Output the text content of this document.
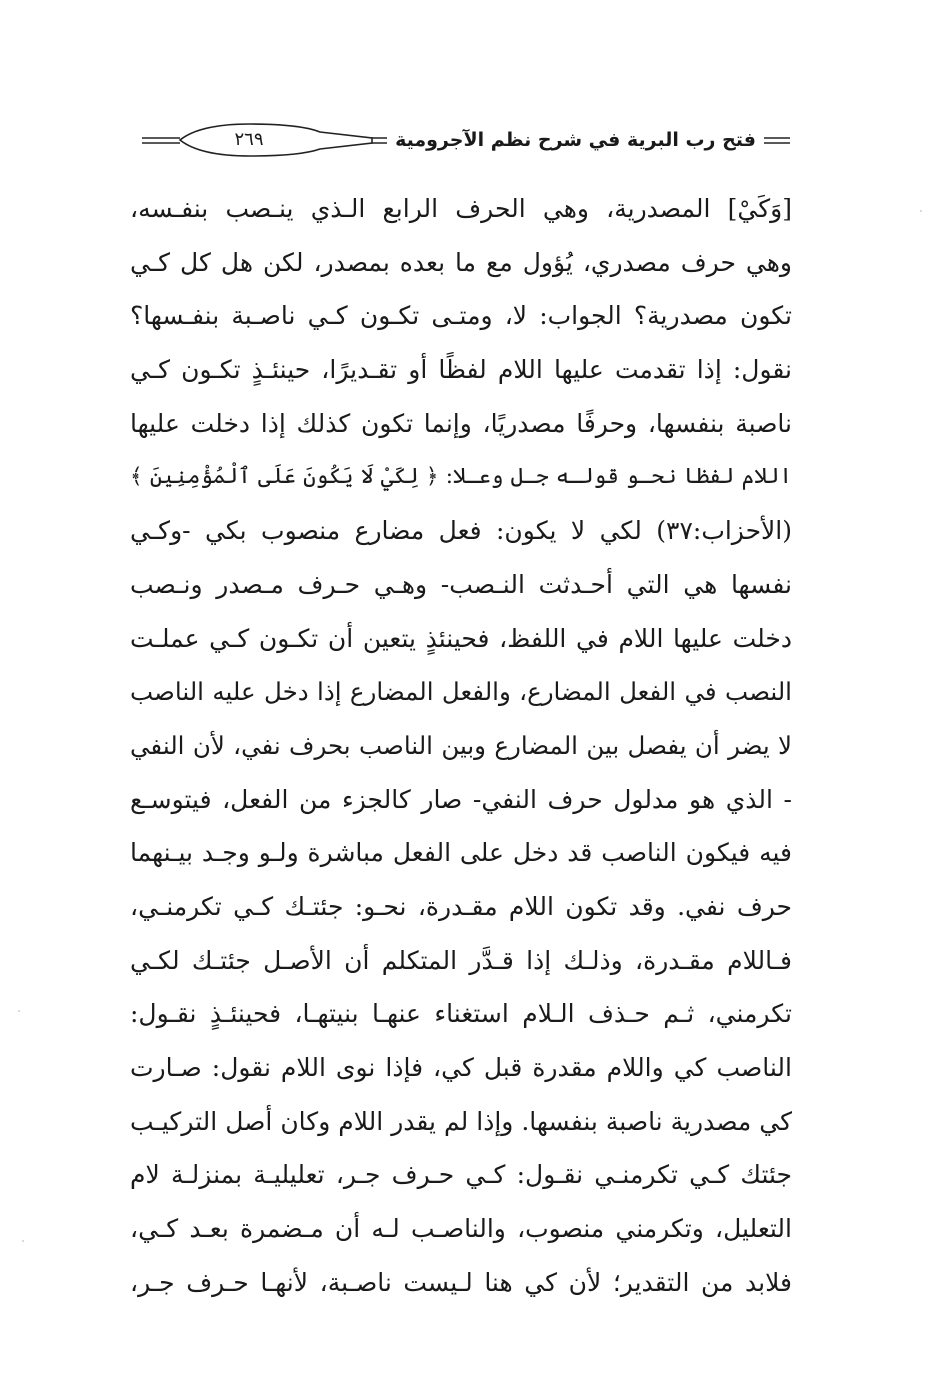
فتح رب البرية في شرح نظم الآجرومية
٢٦٩
[وَكَيْ] المصدرية، وهي الحرف الرابع الـذي ينـصب بنفـسه،
وهي حرف مصدري، يُؤول مع ما بعده بمصدر، لكن هل كل كـي
تكون مصدرية؟ الجواب: لا، ومتـى تكـون كـي ناصـبة بنفـسها؟
نقول: إذا تقدمت عليها اللام لفظًا أو تقـديرًا، حينئـذٍ تكـون كـي
ناصبة بنفسها، وحرفًا مصدريًا، وإنما تكون كذلك إذا دخلت عليها
اللام لفظا نحـو قولـه جـل وعـلا: ﴿ لِكَيْ لَا يَكُونَ عَلَى ٱلْمُؤْمِنِينَ ﴾
(الأحزاب:٣٧) لكي لا يكون: فعل مضارع منصوب بكي -وكـي
نفسها هي التي أحـدثت النـصب- وهـي حـرف مـصدر ونـصب
دخلت عليها اللام في اللفظ، فحينئذٍ يتعين أن تكـون كـي عملـت
النصب في الفعل المضارع، والفعل المضارع إذا دخل عليه الناصب
لا يضر أن يفصل بين المضارع وبين الناصب بحرف نفي، لأن النفي
- الذي هو مدلول حرف النفي- صار كالجزء من الفعل، فيتوسـع
فيه فيكون الناصب قد دخل على الفعل مباشرة ولـو وجـد بيـنهما
حرف نفي. وقد تكون اللام مقـدرة، نحـو: جئتـك كـي تكرمنـي،
فـاللام مقـدرة، وذلـك إذا قـدَّر المتكلم أن الأصـل جئتـك لكـي
تكرمني، ثـم حـذف الـلام استغناء عنهـا بنيتهـا، فحينئـذٍ نقـول:
الناصب كي واللام مقدرة قبل كي، فإذا نوى اللام نقول: صـارت
كي مصدرية ناصبة بنفسها. وإذا لم يقدر اللام وكان أصل التركيـب
جئتك كـي تكرمنـي نقـول: كـي حـرف جـر، تعليليـة بمنزلـة لام
التعليل، وتكرمني منصوب، والناصـب لـه أن مـضمرة بعـد كـي،
فلابد من التقدير؛ لأن كي هنا لـيست ناصـبة، لأنهـا حـرف جـر،
